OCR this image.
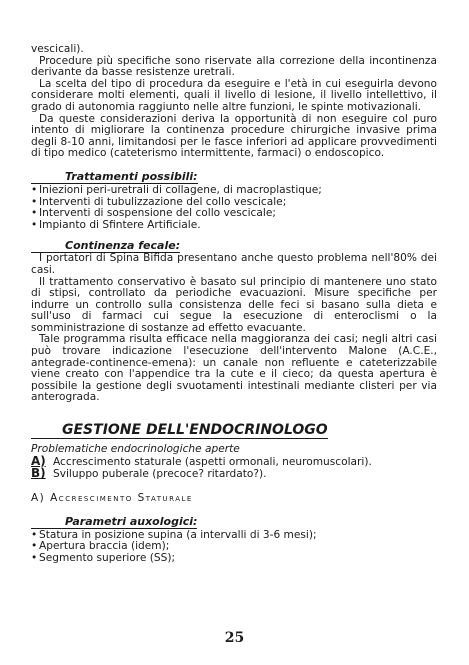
vescicali).

Procedure più specifiche sono riservate alla correzione della incontinenza derivante da basse resistenze uretrali.

La scelta del tipo di procedura da eseguire e l'età in cui eseguirla devono considerare molti elementi, quali il livello di lesione, il livello intellettivo, il grado di autonomia raggiunto nelle altre funzioni, le spinte motivazionali.

Da queste considerazioni deriva la opportunità di non eseguire col puro intento di migliorare la continenza procedure chirurgiche invasive prima degli 8-10 anni, limitandosi per le fasce inferiori ad applicare provvedimenti di tipo medico (cateterismo intermittente, farmaci) o endoscopico.

Trattamenti possibili:

• Iniezioni peri-uretrali di collagene, di macroplastique;
• Interventi di tubulizzazione del collo vescicale;
• Interventi di sospensione del collo vescicale;
• Impianto di Sfintere Artificiale.

Continenza fecale:

I portatori di Spina Bifida presentano anche questo problema nell'80% dei casi.

Il trattamento conservativo è basato sul principio di mantenere uno stato di stipsi, controllato da periodiche evacuazioni. Misure specifiche per indurre un controllo sulla consistenza delle feci si basano sulla dieta e sull'uso di farmaci cui segue la esecuzione di enteroclismi o la somministrazione di sostanze ad effetto evacuante.

Tale programma risulta efficace nella maggioranza dei casi; negli altri casi può trovare indicazione l'esecuzione dell'intervento Malone (A.C.E., antegrade-continence-emena): un canale non refluente e cateterizzabile viene creato con l'appendice tra la cute e il cieco; da questa apertura è possibile la gestione degli svuotamenti intestinali mediante clisteri per via anterograda.

GESTIONE DELL'ENDOCRINOLOGO

Problematiche endocrinologiche aperte

A) Accrescimento staturale (aspetti ormonali, neuromuscolari).

B) Sviluppo puberale (precoce? ritardato?).

A) Accrescimento Staturale

Parametri auxologici:

• Statura in posizione supina (a intervalli di 3-6 mesi);
• Apertura braccia (idem);
• Segmento superiore (SS);
25
